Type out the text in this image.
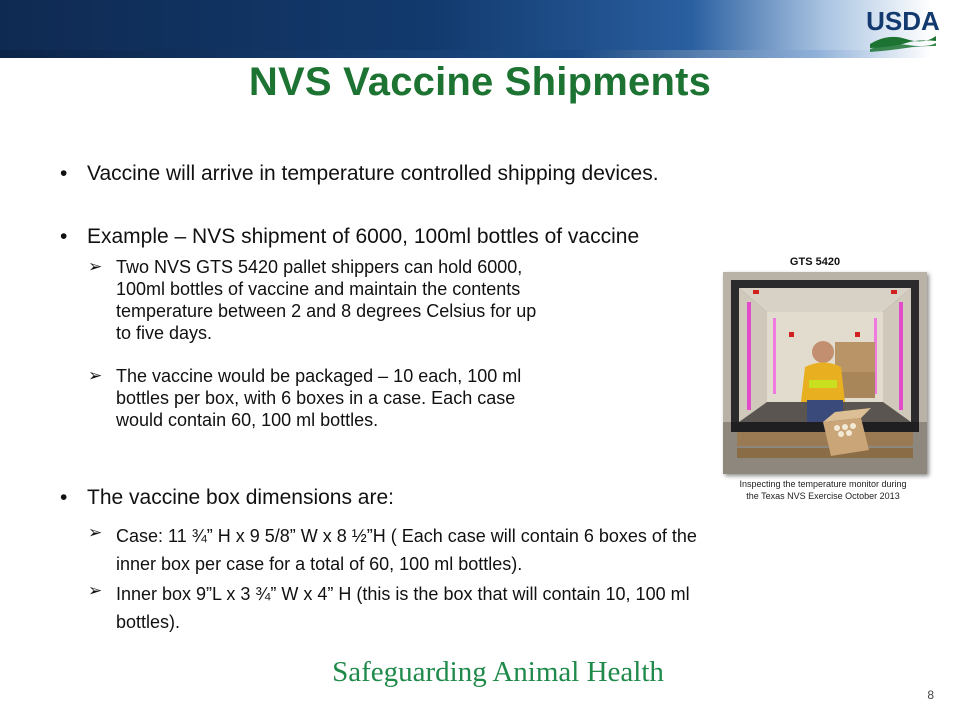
USDA
NVS Vaccine Shipments
• Vaccine will arrive in temperature controlled shipping devices.
• Example – NVS shipment of 6000, 100ml bottles of vaccine
➢ Two NVS GTS 5420 pallet shippers can hold 6000,
100ml bottles of vaccine and maintain the contents
temperature between 2 and 8 degrees Celsius for up
to five days.
➢ The vaccine would be packaged – 10 each, 100 ml
bottles per box, with 6 boxes in a case. Each case
would contain 60, 100 ml bottles.
• The vaccine box dimensions are:
➢ Case: 11 ¾” H x 9 5/8” W x 8 ½”H ( Each case will contain 6 boxes of the
inner box per case for a total of 60, 100 ml bottles).
➢ Inner box 9”L x 3 ¾” W x 4” H (this is the box that will contain 10, 100 ml
bottles).
GTS 5420
Inspecting the temperature monitor during
the Texas NVS Exercise October 2013
Safeguarding Animal Health
8
